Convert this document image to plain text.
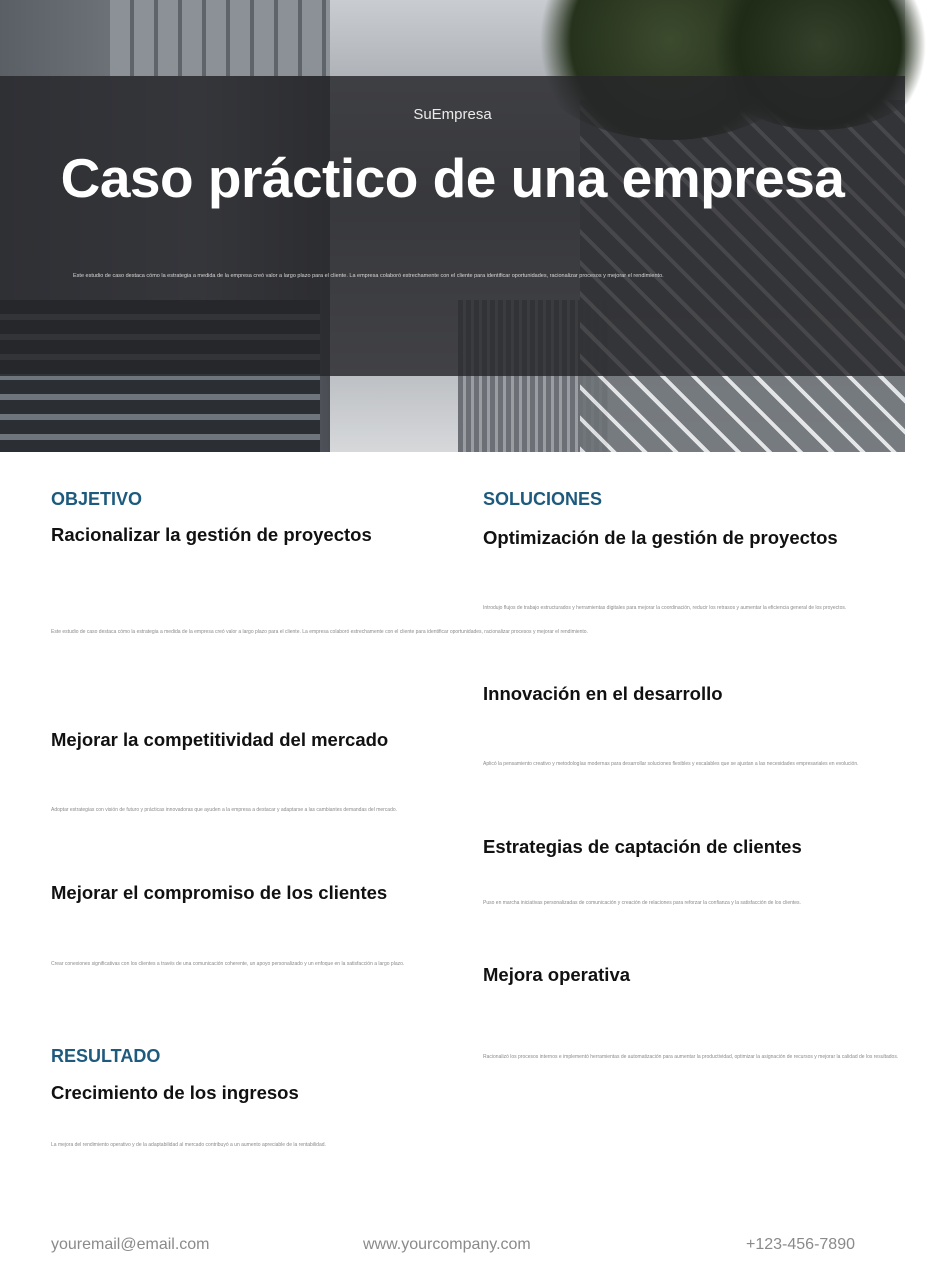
SuEmpresa
Caso práctico de una empresa
Este estudio de caso destaca cómo la estrategia a medida de la empresa creó valor a largo plazo para el cliente. La empresa colaboró estrechamente con el cliente para identificar oportunidades, racionalizar procesos y mejorar el rendimiento.
OBJETIVO
Racionalizar la gestión de proyectos
Este estudio de caso destaca cómo la estrategia a medida de la empresa creó valor a largo plazo para el cliente. La empresa colaboró estrechamente con el cliente para identificar oportunidades, racionalizar procesos y mejorar el rendimiento.
Mejorar la competitividad del mercado
Adoptar estrategias con visión de futuro y prácticas innovadoras que ayuden a la empresa a destacar y adaptarse a las cambiantes demandas del mercado.
Mejorar el compromiso de los clientes
Crear conexiones significativas con los clientes a través de una comunicación coherente, un apoyo personalizado y un enfoque en la satisfacción a largo plazo.
RESULTADO
Crecimiento de los ingresos
La mejora del rendimiento operativo y de la adaptabilidad al mercado contribuyó a un aumento apreciable de la rentabilidad.
SOLUCIONES
Optimización de la gestión de proyectos
Introdujo flujos de trabajo estructurados y herramientas digitales para mejorar la coordinación, reducir los retrasos y aumentar la eficiencia general de los proyectos.
Innovación en el desarrollo
Aplicó la pensamiento creativo y metodologías modernas para desarrollar soluciones flexibles y escalables que se ajustan a las necesidades empresariales en evolución.
Estrategias de captación de clientes
Puso en marcha iniciativas personalizadas de comunicación y creación de relaciones para reforzar la confianza y la satisfacción de los clientes.
Mejora operativa
Racionalizó los procesos internos e implementó herramientas de automatización para aumentar la productividad, optimizar la asignación de recursos y mejorar la calidad de los resultados.
youremail@email.com	www.yourcompany.com	+123-456-7890
